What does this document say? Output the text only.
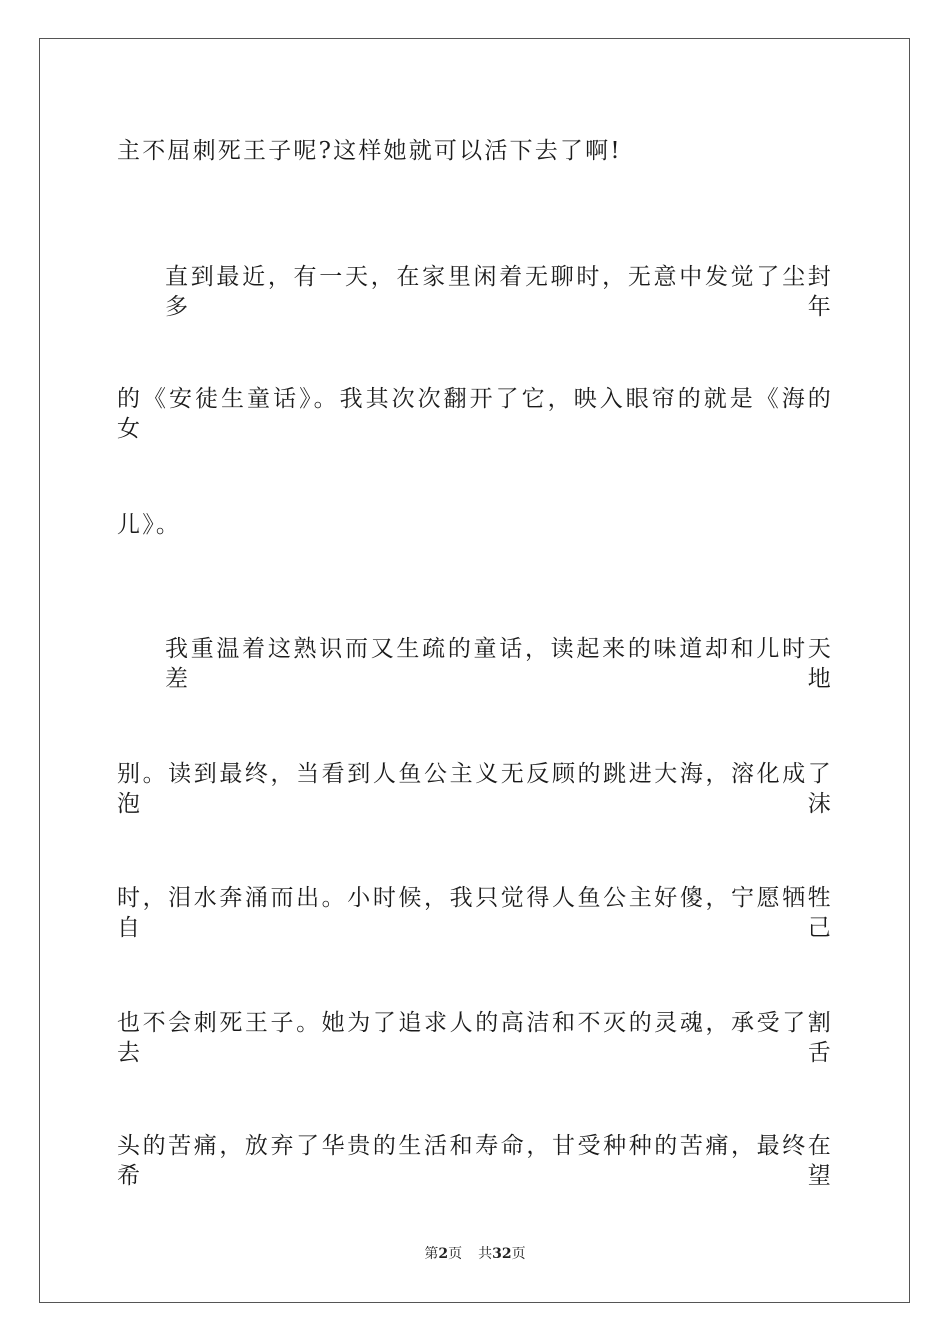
主不屈刺死王子呢?这样她就可以活下去了啊!
直到最近，有一天，在家里闲着无聊时，无意中发觉了尘封多年
的《安徒生童话》。我其次次翻开了它，映入眼帘的就是《海的女
儿》。
我重温着这熟识而又生疏的童话，读起来的味道却和儿时天差地
别。读到最终，当看到人鱼公主义无反顾的跳进大海，溶化成了泡沫
时，泪水奔涌而出。小时候，我只觉得人鱼公主好傻，宁愿牺牲自己
也不会刺死王子。她为了追求人的高洁和不灭的灵魂，承受了割去舌
头的苦痛，放弃了华贵的生活和寿命，甘受种种的苦痛，最终在希望
第2页 共32页
